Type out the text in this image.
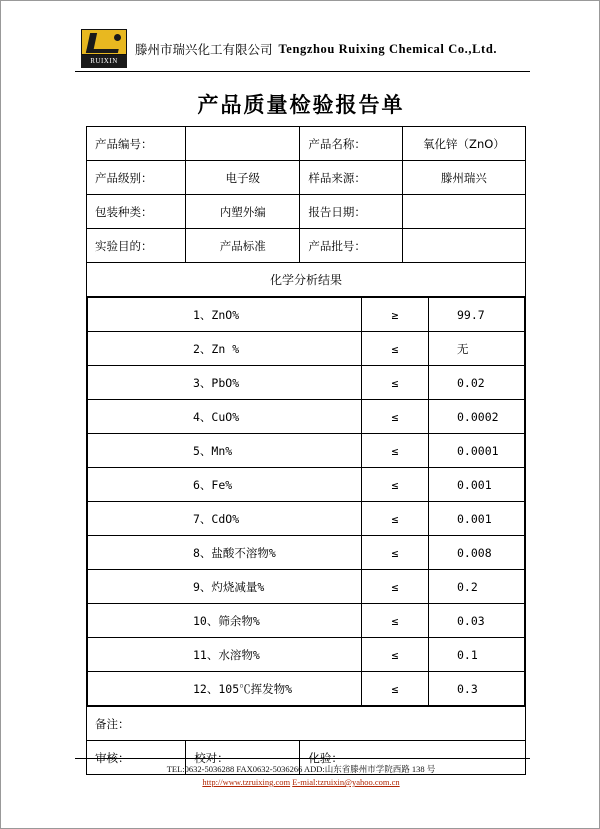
RUIXIN
滕州市瑞兴化工有限公司 Tengzhou Ruixing Chemical Co.,Ltd.
产品质量检验报告单
产品编号：		产品名称：	氧化锌（ZnO）
产品级别：	电子级	样品来源：	滕州瑞兴
包装种类：	内塑外编	报告日期：	
实验目的：	产品标准	产品批号：	
化学分析结果

1、ZnO%	≥	99.7
2、Zn %	≤	无
3、PbO%	≤	0.02
4、CuO%	≤	0.0002
5、Mn%	≤	0.0001
6、Fe%	≤	0.001
7、CdO%	≤	0.001
8、盐酸不溶物%	≤	0.008
9、灼烧减量%	≤	0.2
10、筛余物%	≤	0.03
11、水溶物%	≤	0.1
12、105℃挥发物%	≤	0.3

备注：
审核：	校对：	化验：
TEL:0632-5036288 FAX0632-5036266 ADD:山东省滕州市学院西路 138 号
http://www.tzruixing.com E-mial:tzruixin@yahoo.com.cn
